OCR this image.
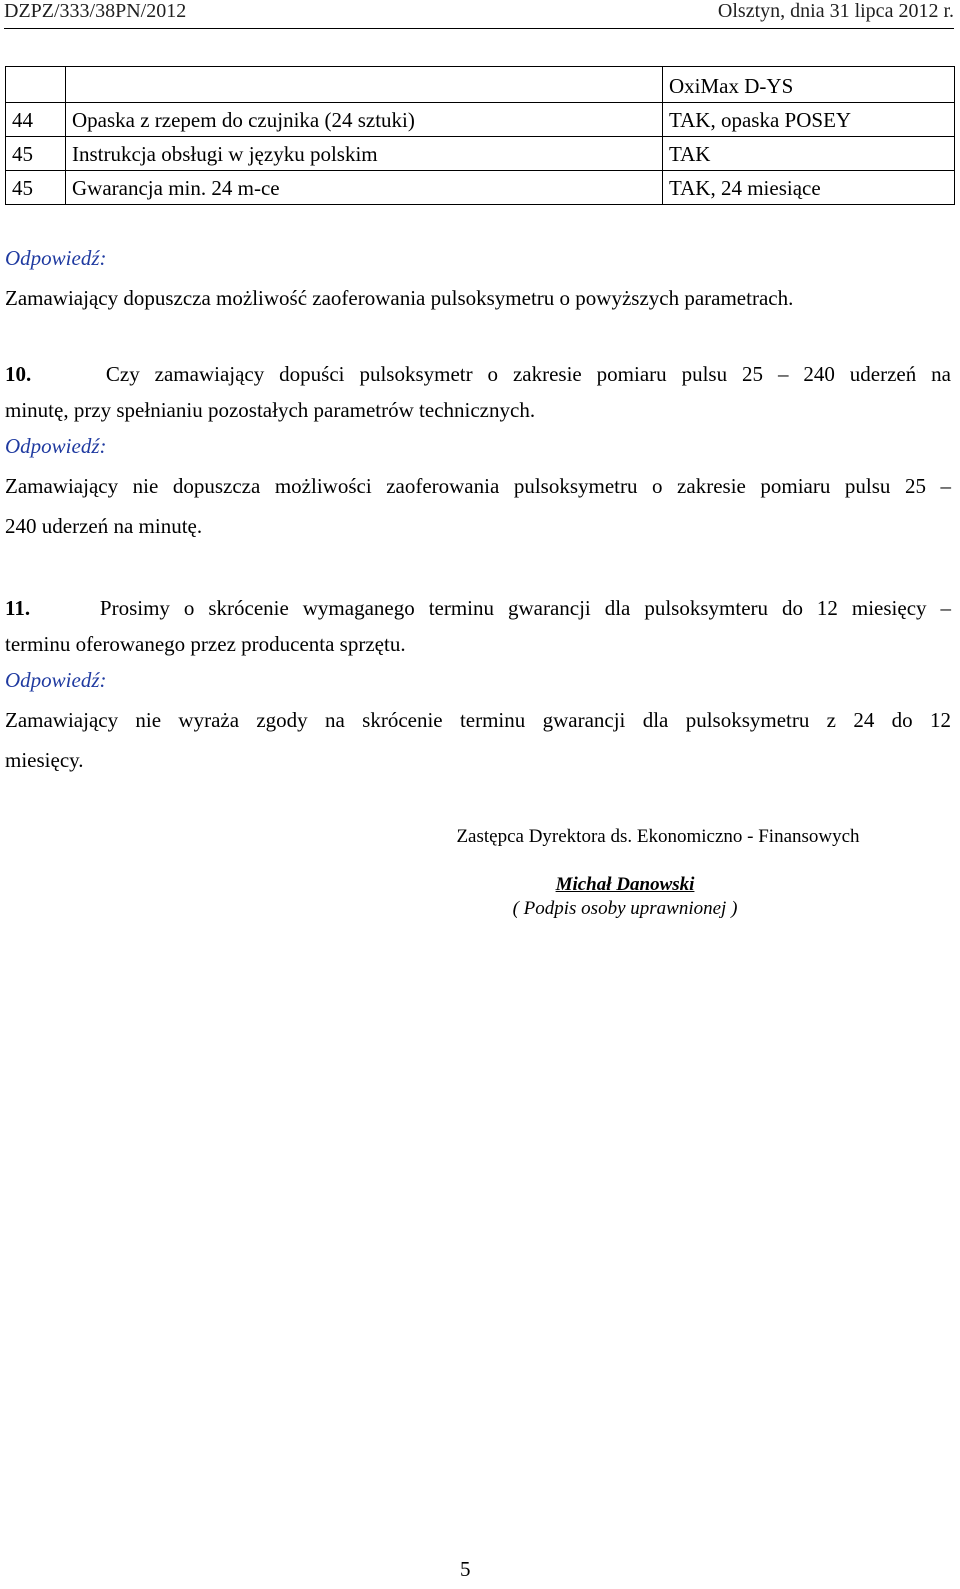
DZPZ/333/38PN/2012	Olsztyn, dnia 31 lipca 2012 r.
		OxiMax D-YS
44	Opaska z rzepem do czujnika (24 sztuki)	TAK, opaska POSEY
45	Instrukcja obsługi w języku polskim	TAK
45	Gwarancja min. 24 m-ce	TAK, 24 miesiące
Odpowiedź:
Zamawiający dopuszcza możliwość zaoferowania pulsoksymetru o powyższych parametrach.
10.	Czy zamawiający dopuści pulsoksymetr o zakresie pomiaru pulsu 25 – 240 uderzeń na
minutę, przy spełnianiu pozostałych parametrów technicznych.
Odpowiedź:
Zamawiający nie dopuszcza możliwości zaoferowania pulsoksymetru o zakresie pomiaru pulsu 25 –
240 uderzeń na minutę.
11.	Prosimy o skrócenie wymaganego terminu gwarancji dla pulsoksymteru do 12 miesięcy –
terminu oferowanego przez producenta sprzętu.
Odpowiedź:
Zamawiający nie wyraża zgody na skrócenie terminu gwarancji dla pulsoksymetru z 24 do 12
miesięcy.
Zastępca Dyrektora ds. Ekonomiczno - Finansowych
Michał Danowski
( Podpis osoby uprawnionej )
5
